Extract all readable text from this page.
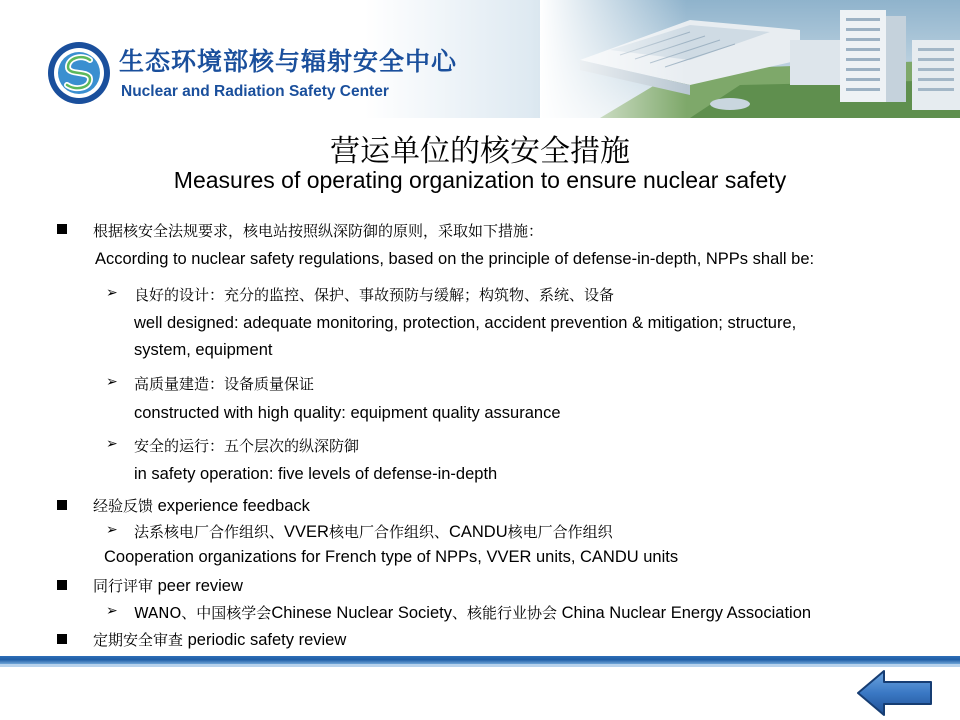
生态环境部核与辐射安全中心
Nuclear and Radiation Safety Center
营运单位的核安全措施
Measures of operating organization to ensure nuclear safety
根据核安全法规要求，核电站按照纵深防御的原则，采取如下措施：
According to nuclear safety regulations, based on the principle of defense-in-depth, NPPs shall be:
➢ 良好的设计：充分的监控、保护、事故预防与缓解；构筑物、系统、设备
well designed: adequate monitoring, protection, accident prevention & mitigation; structure,
system, equipment
➢ 高质量建造：设备质量保证
constructed with high quality: equipment quality assurance
➢ 安全的运行：五个层次的纵深防御
in safety operation: five levels of defense-in-depth
经验反馈 experience feedback
➢ 法系核电厂合作组织、VVER核电厂合作组织、CANDU核电厂合作组织
Cooperation organizations for French type of NPPs, VVER units, CANDU units
同行评审 peer review
➢ WANO、中国核学会Chinese Nuclear Society、核能行业协会 China Nuclear Energy Association
定期安全审查 periodic safety review
